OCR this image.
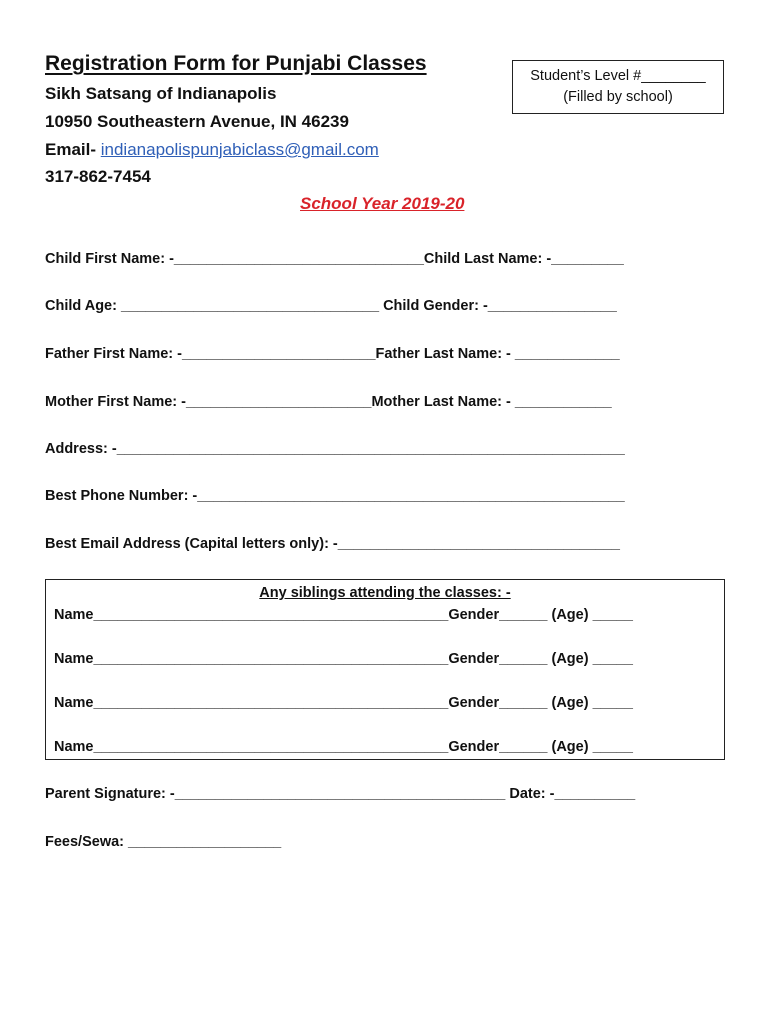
Registration Form for Punjabi Classes
Sikh Satsang of Indianapolis
10950 Southeastern Avenue, IN 46239
Email- indianapolispunjabiclass@gmail.com
317-862-7454
Student’s Level #________
(Filled by school)
School Year 2019-20
Child First Name: -_______________________________Child Last Name: -_________
Child Age: ________________________________ Child Gender: -________________
Father First Name: -________________________Father Last Name: - _____________
Mother First Name: -_______________________Mother Last Name: - ____________
Address: -_______________________________________________________________
Best Phone Number: -_____________________________________________________
Best Email Address (Capital letters only): -___________________________________
Any siblings attending the classes: -
Name____________________________________________Gender______ (Age) _____
Name____________________________________________Gender______ (Age) _____
Name____________________________________________Gender______ (Age) _____
Name____________________________________________Gender______ (Age) _____
Parent Signature: -_________________________________________ Date: -__________
Fees/Sewa: ___________________
